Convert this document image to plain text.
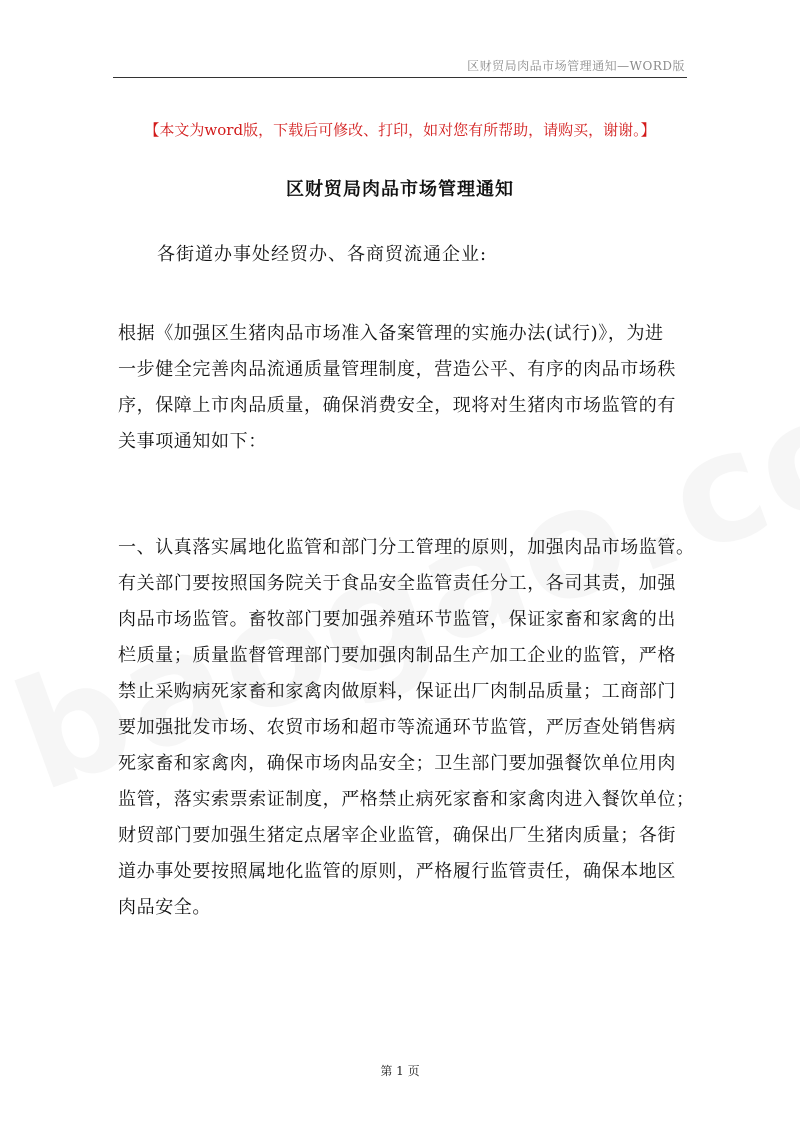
区财贸局肉品市场管理通知—WORD版
【本文为word版，下载后可修改、打印，如对您有所帮助，请购买，谢谢。】
区财贸局肉品市场管理通知
各街道办事处经贸办、各商贸流通企业:
根据《加强区生猪肉品市场准入备案管理的实施办法(试行)》，为进
一步健全完善肉品流通质量管理制度，营造公平、有序的肉品市场秩
序，保障上市肉品质量，确保消费安全，现将对生猪肉市场监管的有
关事项通知如下：
一、认真落实属地化监管和部门分工管理的原则，加强肉品市场监管。
有关部门要按照国务院关于食品安全监管责任分工，各司其责，加强
肉品市场监管。畜牧部门要加强养殖环节监管，保证家畜和家禽的出
栏质量；质量监督管理部门要加强肉制品生产加工企业的监管，严格
禁止采购病死家畜和家禽肉做原料，保证出厂肉制品质量；工商部门
要加强批发市场、农贸市场和超市等流通环节监管，严厉查处销售病
死家畜和家禽肉，确保市场肉品安全；卫生部门要加强餐饮单位用肉
监管，落实索票索证制度，严格禁止病死家畜和家禽肉进入餐饮单位；
财贸部门要加强生猪定点屠宰企业监管，确保出厂生猪肉质量；各街
道办事处要按照属地化监管的原则，严格履行监管责任，确保本地区
肉品安全。
第 1 页
